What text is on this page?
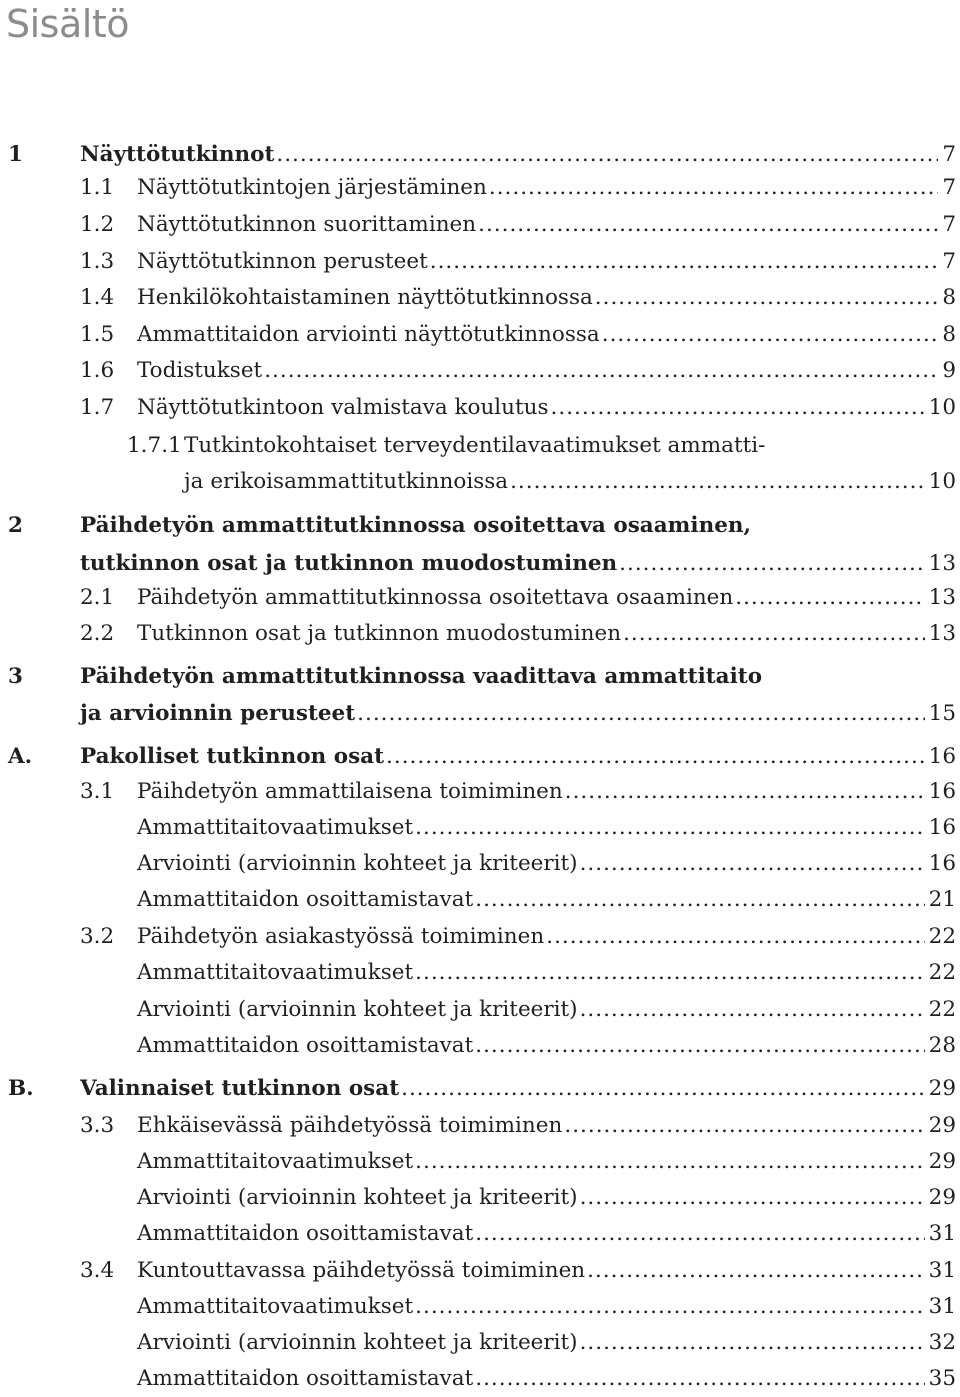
Sisältö
1	Näyttötutkinnot .....	7
1.1 Näyttötutkintojen järjestäminen .....	7
1.2 Näyttötutkinnon suorittaminen .....	7
1.3 Näyttötutkinnon perusteet .....	7
1.4 Henkilökohtaistaminen näyttötutkinnossa .....	8
1.5 Ammattitaidon arviointi näyttötutkinnossa .....	8
1.6 Todistukset .....	9
1.7 Näyttötutkintoon valmistava koulutus .....	10
1.7.1 Tutkintokohtaiset terveydentilavaatimukset ammatti-
ja erikoisammattitutkinnoissa .....	10
2	Päihdetyön ammattitutkinnossa osoitettava osaaminen,
tutkinnon osat ja tutkinnon muodostuminen .....	13
2.1 Päihdetyön ammattitutkinnossa osoitettava osaaminen .....	13
2.2 Tutkinnon osat ja tutkinnon muodostuminen .....	13
3	Päihdetyön ammattitutkinnossa vaadittava ammattitaito
ja arvioinnin perusteet .....	15
A. Pakolliset tutkinnon osat .....	16
3.1 Päihdetyön ammattilaisena toimiminen .....	16
Ammattitaitovaatimukset .....	16
Arviointi (arvioinnin kohteet ja kriteerit) .....	16
Ammattitaidon osoittamistavat .....	21
3.2 Päihdetyön asiakastyössä toimiminen .....	22
Ammattitaitovaatimukset .....	22
Arviointi (arvioinnin kohteet ja kriteerit) .....	22
Ammattitaidon osoittamistavat .....	28
B. Valinnaiset tutkinnon osat .....	29
3.3 Ehkäisevässä päihdetyössä toimiminen .....	29
Ammattitaitovaatimukset .....	29
Arviointi (arvioinnin kohteet ja kriteerit) .....	29
Ammattitaidon osoittamistavat .....	31
3.4 Kuntouttavassa päihdetyössä toimiminen .....	31
Ammattitaitovaatimukset .....	31
Arviointi (arvioinnin kohteet ja kriteerit) .....	32
Ammattitaidon osoittamistavat .....	35
